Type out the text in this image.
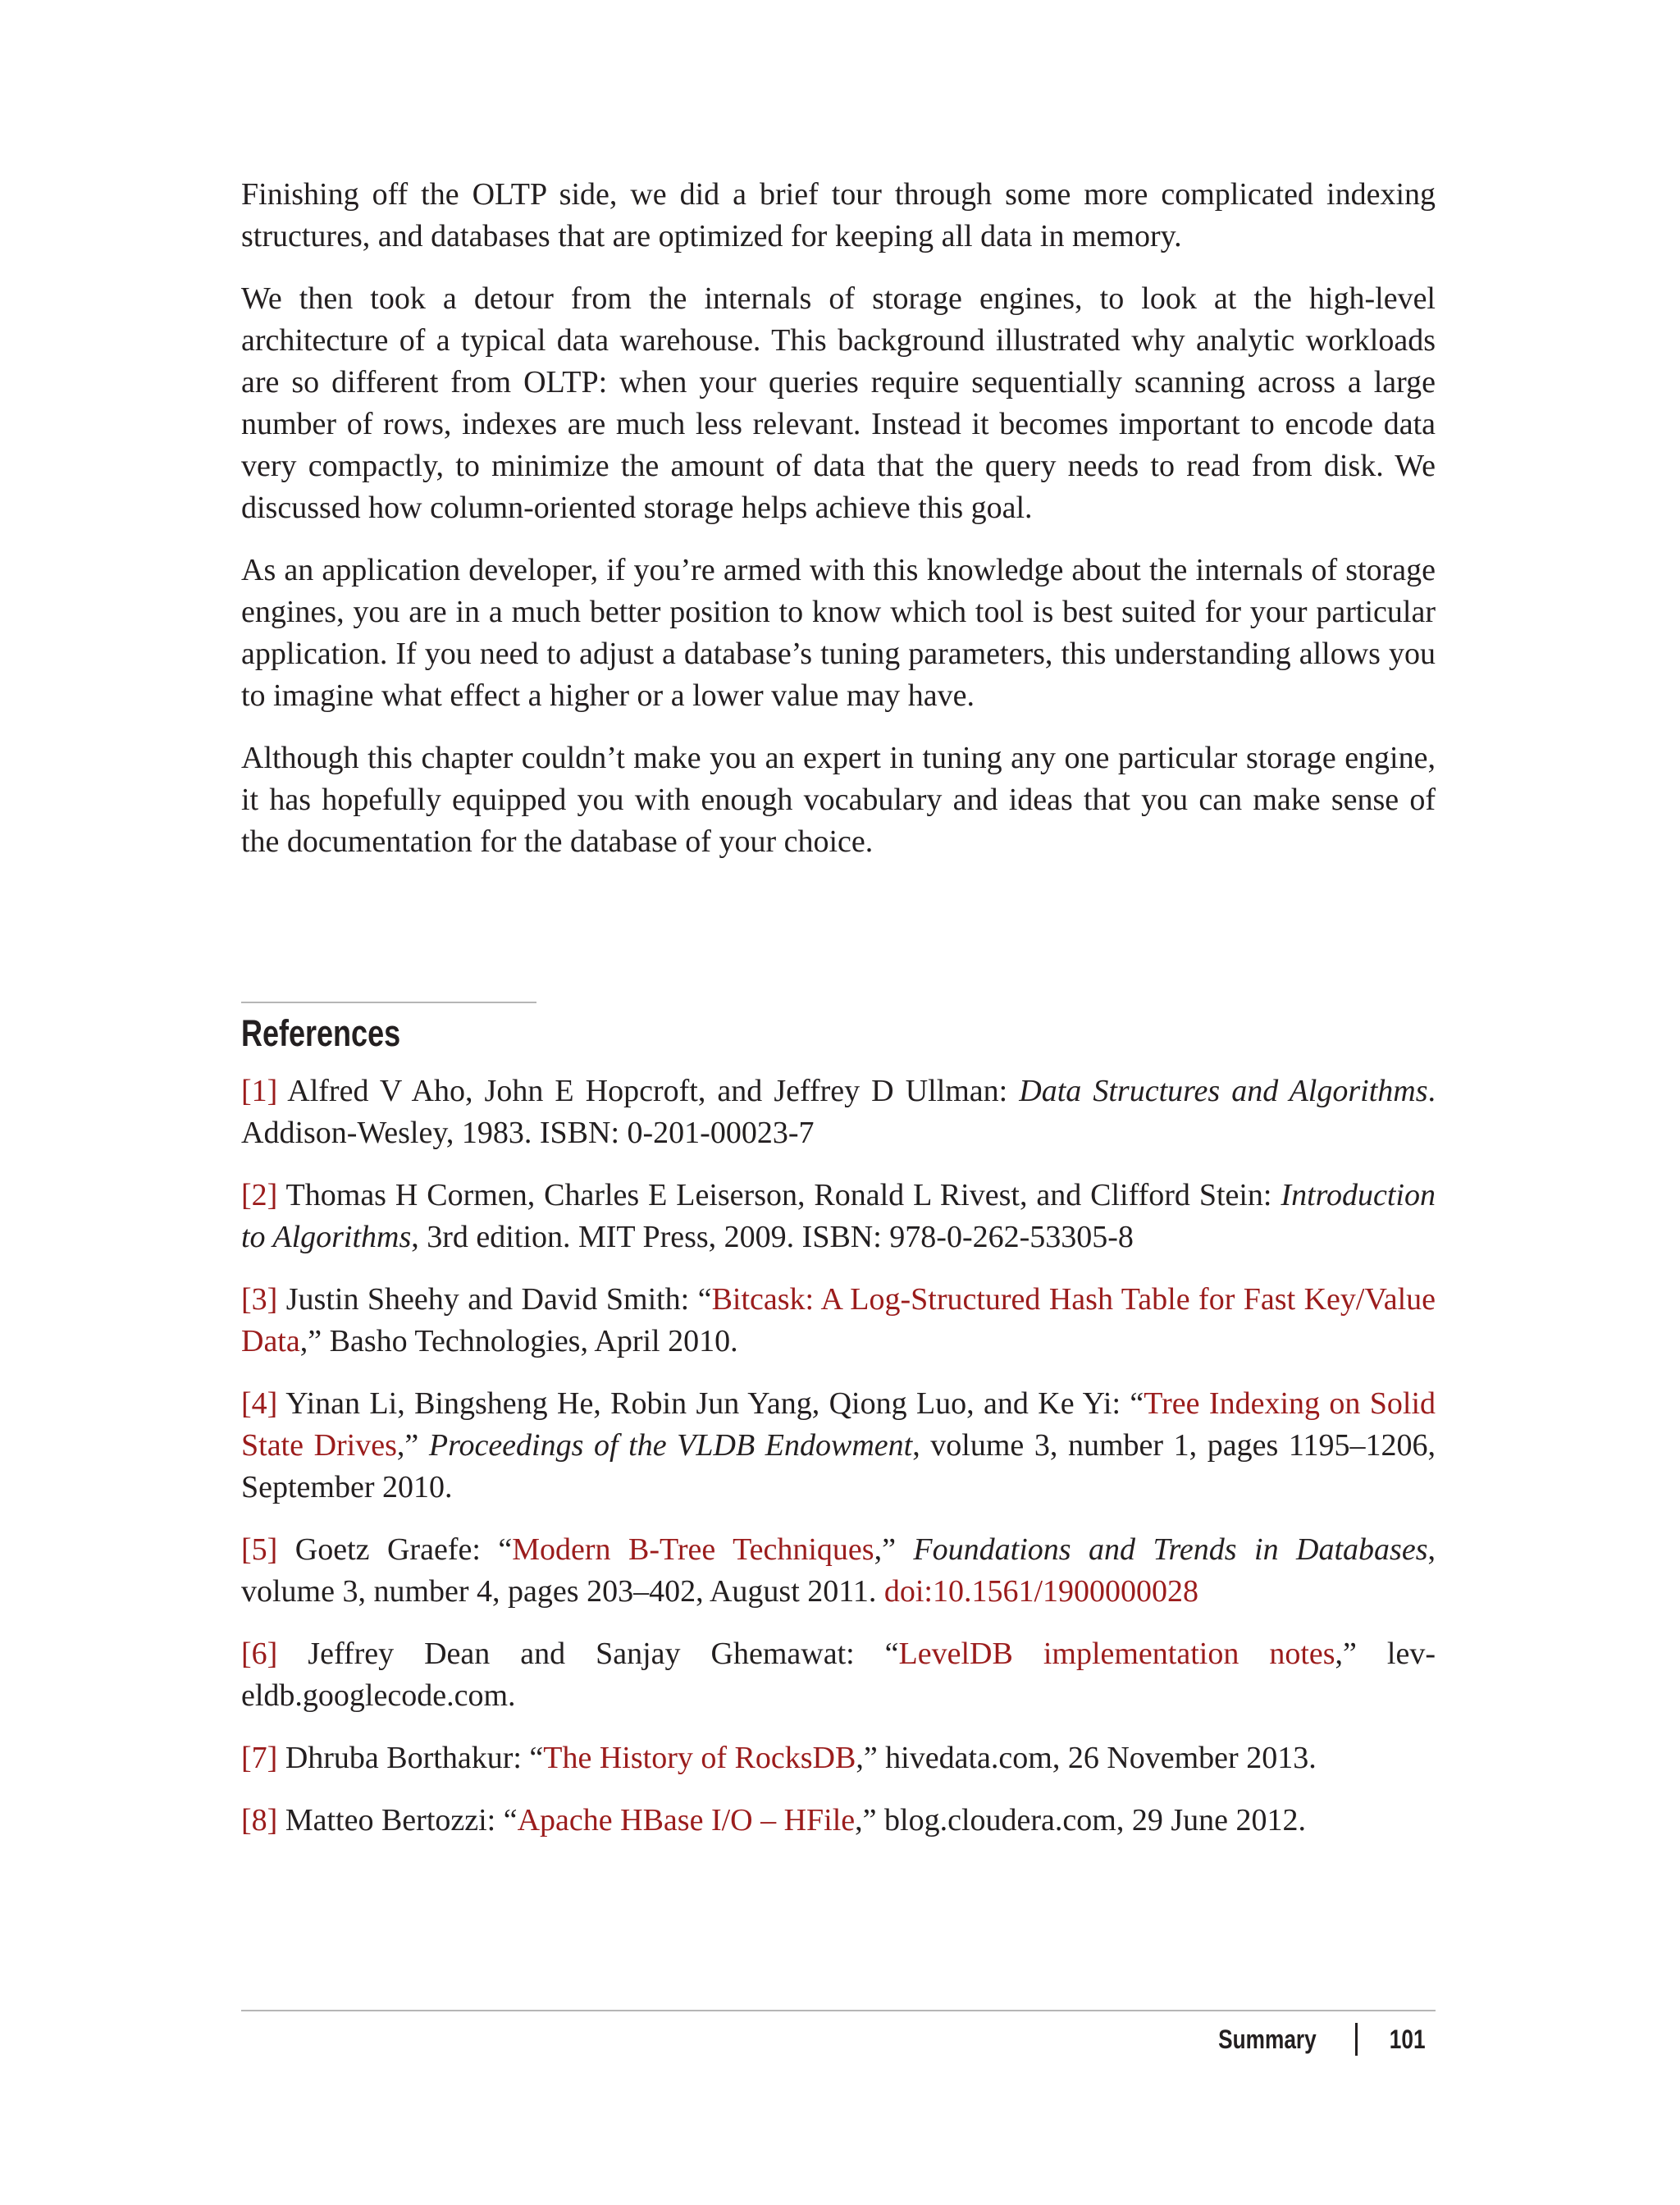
Finishing off the OLTP side, we did a brief tour through some more complicated indexing structures, and databases that are optimized for keeping all data in memory.

We then took a detour from the internals of storage engines, to look at the high-level architecture of a typical data warehouse. This background illustrated why analytic workloads are so different from OLTP: when your queries require sequentially scanning across a large number of rows, indexes are much less relevant. Instead it becomes important to encode data very compactly, to minimize the amount of data that the query needs to read from disk. We discussed how column-oriented storage helps achieve this goal.

As an application developer, if you’re armed with this knowledge about the internals of storage engines, you are in a much better position to know which tool is best suited for your particular application. If you need to adjust a database’s tuning parameters, this understanding allows you to imagine what effect a higher or a lower value may have.

Although this chapter couldn’t make you an expert in tuning any one particular storage engine, it has hopefully equipped you with enough vocabulary and ideas that you can make sense of the documentation for the database of your choice.

References

[1] Alfred V Aho, John E Hopcroft, and Jeffrey D Ullman: Data Structures and Algorithms. Addison-Wesley, 1983. ISBN: 0-201-00023-7

[2] Thomas H Cormen, Charles E Leiserson, Ronald L Rivest, and Clifford Stein: Introduction to Algorithms, 3rd edition. MIT Press, 2009. ISBN: 978-0-262-53305-8

[3] Justin Sheehy and David Smith: “Bitcask: A Log-Structured Hash Table for Fast Key/Value Data,” Basho Technologies, April 2010.

[4] Yinan Li, Bingsheng He, Robin Jun Yang, Qiong Luo, and Ke Yi: “Tree Indexing on Solid State Drives,” Proceedings of the VLDB Endowment, volume 3, number 1, pages 1195–1206, September 2010.

[5] Goetz Graefe: “Modern B-Tree Techniques,” Foundations and Trends in Databases, volume 3, number 4, pages 203–402, August 2011. doi:10.1561/1900000028

[6] Jeffrey Dean and Sanjay Ghemawat: “LevelDB implementation notes,” leveldb.googlecode.com.

[7] Dhruba Borthakur: “The History of RocksDB,” hivedata.com, 26 November 2013.

[8] Matteo Bertozzi: “Apache HBase I/O – HFile,” blog.cloudera.com, 29 June 2012.

Summary	101
